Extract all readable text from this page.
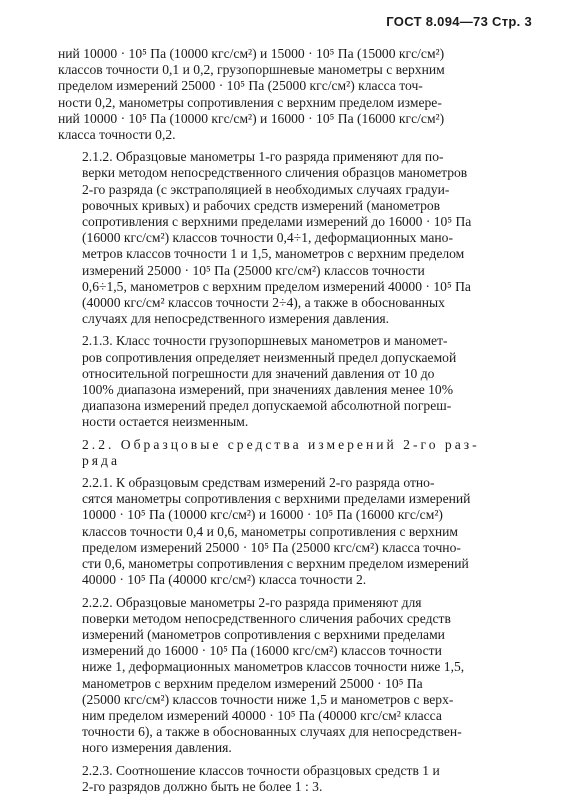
ГОСТ 8.094—73 Стр. 3

ний 10000 · 10⁵ Па (10000 кгс/см²) и 15000 · 10⁵ Па (15000 кгс/см²)
классов точности 0,1 и 0,2, грузопоршневые манометры с верхним
пределом измерений 25000 · 10⁵ Па (25000 кгс/см²) класса точ-
ности 0,2, манометры сопротивления с верхним пределом измере-
ний 10000 · 10⁵ Па (10000 кгс/см²) и 16000 · 10⁵ Па (16000 кгс/см²)
класса точности 0,2.

2.1.2. Образцовые манометры 1-го разряда применяют для по-
верки методом непосредственного сличения образцов манометров
2-го разряда (с экстраполяцией в необходимых случаях градуи-
ровочных кривых) и рабочих средств измерений (манометров
сопротивления с верхними пределами измерений до 16000 · 10⁵ Па
(16000 кгс/см²) классов точности 0,4÷1, деформационных мано-
метров классов точности 1 и 1,5, манометров с верхним пределом
измерений 25000 · 10⁵ Па (25000 кгс/см²) классов точности
0,6÷1,5, манометров с верхним пределом измерений 40000 · 10⁵ Па
(40000 кгс/см² классов точности 2÷4), а также в обоснованных
случаях для непосредственного измерения давления.

2.1.3. Класс точности грузопоршневых манометров и маномет-
ров сопротивления определяет неизменный предел допускаемой
относительной погрешности для значений давления от 10 до
100% диапазона измерений, при значениях давления менее 10%
диапазона измерений предел допускаемой абсолютной погреш-
ности остается неизменным.

2.2. Образцовые средства измерений 2-го раз-
ряда

2.2.1. К образцовым средствам измерений 2-го разряда отно-
сятся манометры сопротивления с верхними пределами измерений
10000 · 10⁵ Па (10000 кгс/см²) и 16000 · 10⁵ Па (16000 кгс/см²)
классов точности 0,4 и 0,6, манометры сопротивления с верхним
пределом измерений 25000 · 10⁵ Па (25000 кгс/см²) класса точно-
сти 0,6, манометры сопротивления с верхним пределом измерений
40000 · 10⁵ Па (40000 кгс/см²) класса точности 2.

2.2.2. Образцовые манометры 2-го разряда применяют для
поверки методом непосредственного сличения рабочих средств
измерений (манометров сопротивления с верхними пределами
измерений до 16000 · 10⁵ Па (16000 кгс/см²) классов точности
ниже 1, деформационных манометров классов точности ниже 1,5,
манометров с верхним пределом измерений 25000 · 10⁵ Па
(25000 кгс/см²) классов точности ниже 1,5 и манометров с верх-
ним пределом измерений 40000 · 10⁵ Па (40000 кгс/см² класса
точности 6), а также в обоснованных случаях для непосредствен-
ного измерения давления.

2.2.3. Соотношение классов точности образцовых средств 1 и
2-го разрядов должно быть не более 1 : 3.
